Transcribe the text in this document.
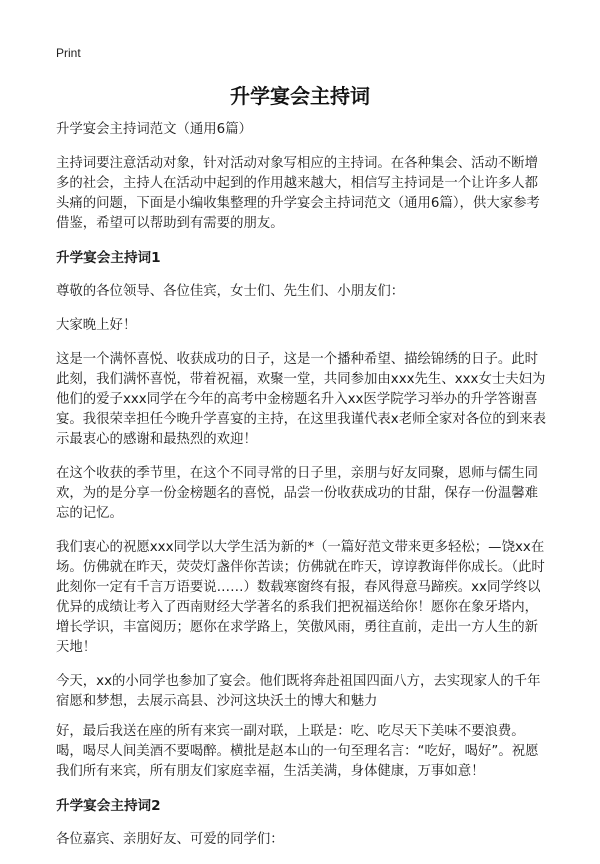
Print
升学宴会主持词

升学宴会主持词范文（通用6篇）

主持词要注意活动对象，针对活动对象写相应的主持词。在各种集会、活动不断增多的社会，主持人在活动中起到的作用越来越大，相信写主持词是一个让许多人都头痛的问题，下面是小编收集整理的升学宴会主持词范文（通用6篇），供大家参考借鉴，希望可以帮助到有需要的朋友。

升学宴会主持词1

尊敬的各位领导、各位佳宾，女士们、先生们、小朋友们：

大家晚上好！

这是一个满怀喜悦、收获成功的日子，这是一个播种希望、描绘锦绣的日子。此时此刻，我们满怀喜悦，带着祝福，欢聚一堂，共同参加由xxx先生、xxx女士夫妇为他们的爱子xxx同学在今年的高考中金榜题名升入xx医学院学习举办的升学答谢喜宴。我很荣幸担任今晚升学喜宴的主持，在这里我谨代表x老师全家对各位的到来表示最衷心的感谢和最热烈的欢迎！

在这个收获的季节里，在这个不同寻常的日子里，亲朋与好友同聚，恩师与儒生同欢，为的是分享一份金榜题名的喜悦，品尝一份收获成功的甘甜，保存一份温馨难忘的记忆。

我们衷心的祝愿xxx同学以大学生活为新的*（一篇好范文带来更多轻松；—饶xx在场。仿佛就在昨天，荧荧灯盏伴你苦读；仿佛就在昨天，谆谆教诲伴你成长。（此时此刻你一定有千言万语要说……）数载寒窗终有报，春风得意马蹄疾。xx同学终以优异的成绩让考入了西南财经大学著名的系我们把祝福送给你！愿你在象牙塔内，增长学识，丰富阅历；愿你在求学路上，笑傲风雨，勇往直前，走出一方人生的新天地！

今天，xx的小同学也参加了宴会。他们既将奔赴祖国四面八方，去实现家人的千年宿愿和梦想，去展示高县、沙河这块沃土的博大和魅力

好，最后我送在座的所有来宾一副对联，上联是：吃、吃尽天下美味不要浪费。喝，喝尽人间美酒不要喝醉。横批是赵本山的一句至理名言：“吃好，喝好”。祝愿我们所有来宾，所有朋友们家庭幸福，生活美满，身体健康，万事如意！

升学宴会主持词2

各位嘉宾、亲朋好友、可爱的同学们：
